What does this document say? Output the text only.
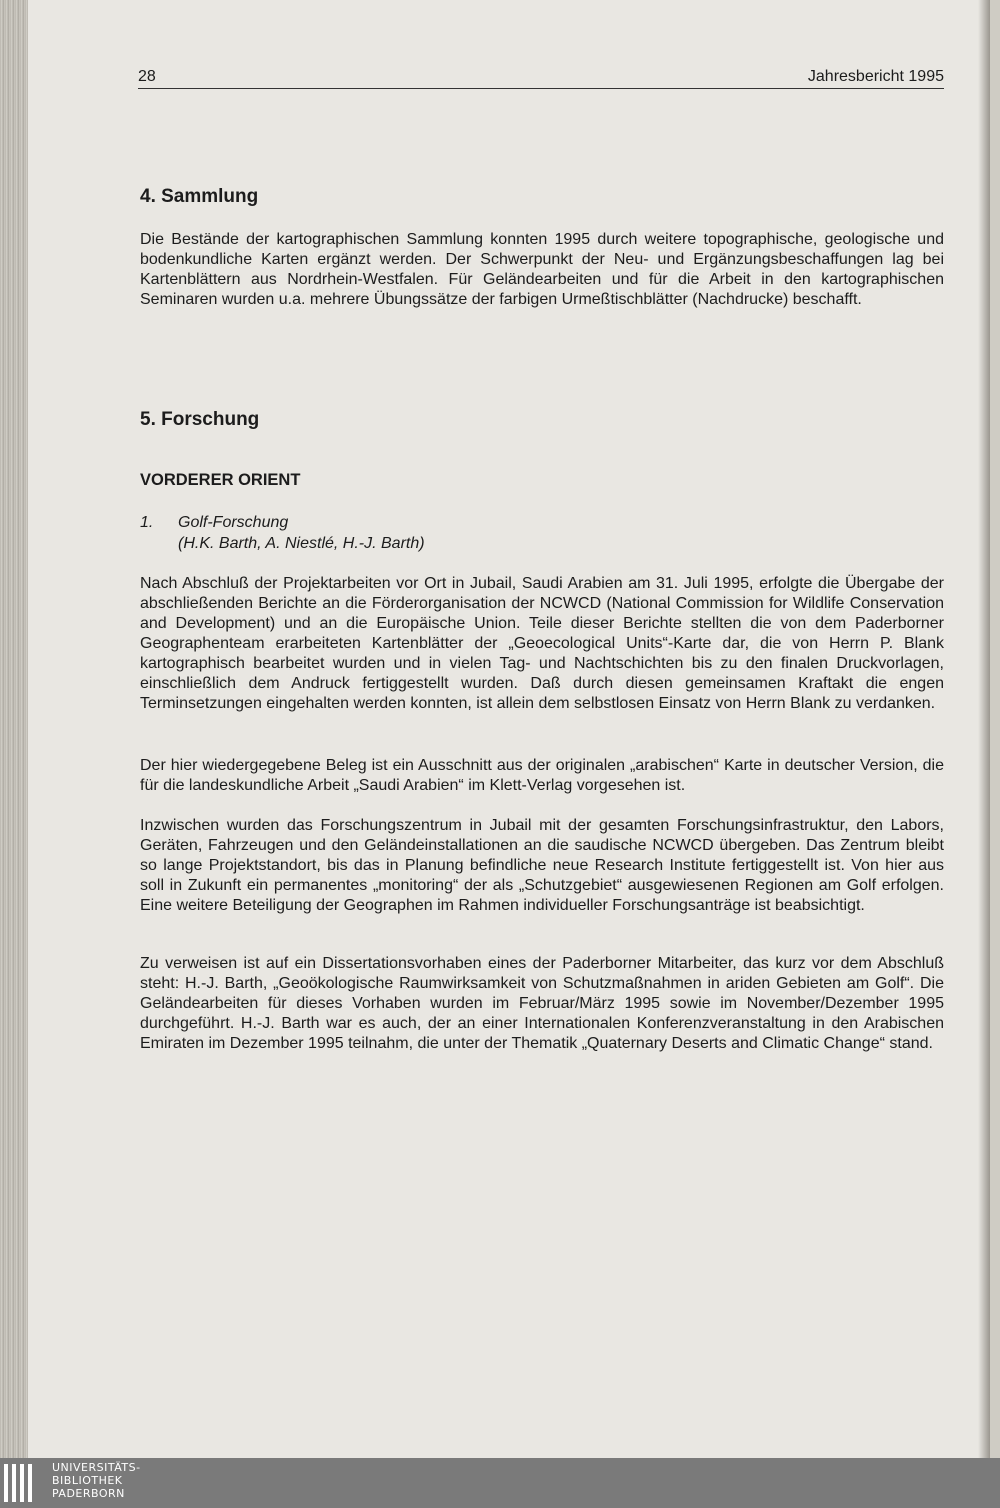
28	Jahresbericht 1995
4. Sammlung

Die Bestände der kartographischen Sammlung konnten 1995 durch weitere topographische, geologische und bodenkundliche Karten ergänzt werden. Der Schwerpunkt der Neu- und Ergänzungsbeschaffungen lag bei Kartenblättern aus Nordrhein-Westfalen. Für Geländearbeiten und für die Arbeit in den kartographischen Seminaren wurden u.a. mehrere Übungssätze der farbigen Urmeßtischblätter (Nachdrucke) beschafft.

5. Forschung
VORDERER ORIENT
1. Golf-Forschung
(H.K. Barth, A. Niestlé, H.-J. Barth)

Nach Abschluß der Projektarbeiten vor Ort in Jubail, Saudi Arabien am 31. Juli 1995, erfolgte die Übergabe der abschließenden Berichte an die Förderorganisation der NCWCD (National Commission for Wildlife Conservation and Development) und an die Europäische Union. Teile dieser Berichte stellten die von dem Paderborner Geographenteam erarbeiteten Kartenblätter der „Geoecological Units“-Karte dar, die von Herrn P. Blank kartographisch bearbeitet wurden und in vielen Tag- und Nachtschichten bis zu den finalen Druckvorlagen, einschließlich dem Andruck fertiggestellt wurden. Daß durch diesen gemeinsamen Kraftakt die engen Terminsetzungen eingehalten werden konnten, ist allein dem selbstlosen Einsatz von Herrn Blank zu verdanken.

Der hier wiedergegebene Beleg ist ein Ausschnitt aus der originalen „arabischen“ Karte in deutscher Version, die für die landeskundliche Arbeit „Saudi Arabien“ im Klett-Verlag vorgesehen ist.

Inzwischen wurden das Forschungszentrum in Jubail mit der gesamten Forschungsinfrastruktur, den Labors, Geräten, Fahrzeugen und den Geländeinstallationen an die saudische NCWCD übergeben. Das Zentrum bleibt so lange Projektstandort, bis das in Planung befindliche neue Research Institute fertiggestellt ist. Von hier aus soll in Zukunft ein permanentes „monitoring“ der als „Schutzgebiet“ ausgewiesenen Regionen am Golf erfolgen. Eine weitere Beteiligung der Geographen im Rahmen individueller Forschungsanträge ist beabsichtigt.

Zu verweisen ist auf ein Dissertationsvorhaben eines der Paderborner Mitarbeiter, das kurz vor dem Abschluß steht: H.-J. Barth, „Geoökologische Raumwirksamkeit von Schutzmaßnahmen in ariden Gebieten am Golf“. Die Geländearbeiten für dieses Vorhaben wurden im Februar/März 1995 sowie im November/Dezember 1995 durchgeführt. H.-J. Barth war es auch, der an einer Internationalen Konferenzveranstaltung in den Arabischen Emiraten im Dezember 1995 teilnahm, die unter der Thematik „Quaternary Deserts and Climatic Change“ stand.

UNIVERSITÄTS-
BIBLIOTHEK
PADERBORN
